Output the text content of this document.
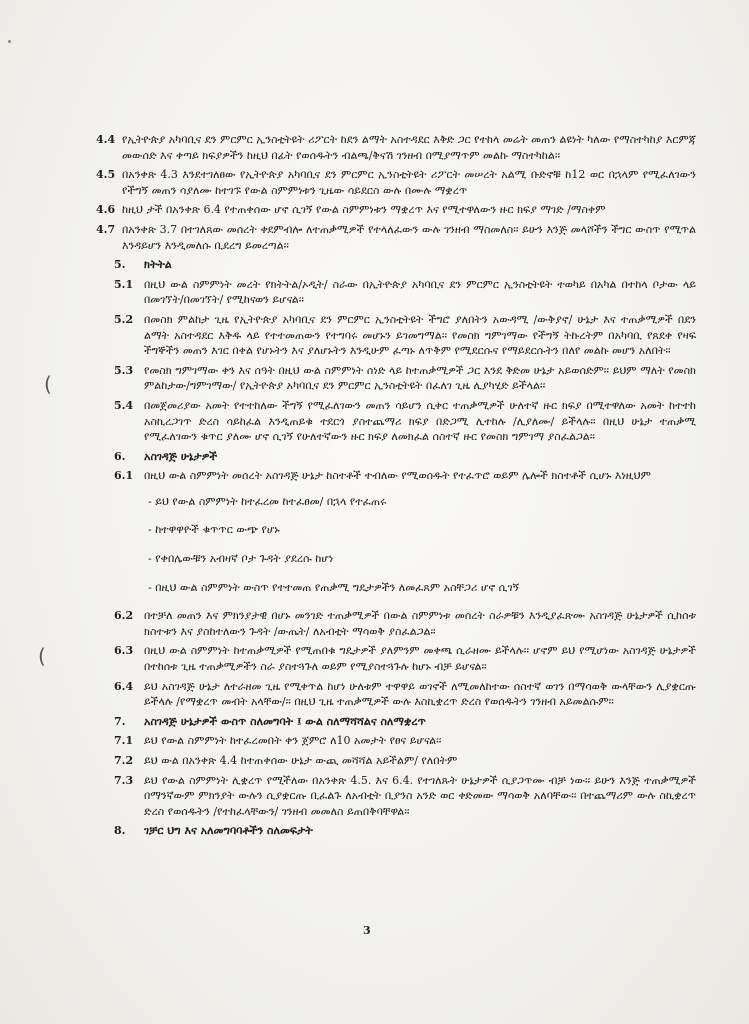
(
(
4.4 የኢትዮጵያ አካባቢና ደን ምርምር ኢንስቲትዩት ሪፖርት ከደን ልማት አስተዳደር እቅድ ጋር የተከላ መሬት መጠን ልዩነት ካለው የማስተካከያ እርምጃ መውሰድ እና ቀጣይ ክፍያዎችን ከዚህ በፊት የወሰዱትን ብልጫ/ቅናሽ ገንዘብ በሚያማጥም መልኩ ማስተካከል፡፡
4.5 በአንቀጽ 4.3 እንደተገለፀው የኢትዮጵያ አካባቢና ደን ምርምር ኢንስቲትዩት ሪፖርት መሠረት አልሚ ቡድኖቹ ከ12 ወር በኋላም የሚፈለገውን የችግኝ መጠን ሳያለሙ ከተገኙ የውል ስምምነቱን ጊዜው ሳይደርስ ውሉ በሙሉ ማቋረጥ
4.6 ከዚህ ታች በአንቀጽ 6.4 የተጠቀሰው ሆኖ ሲገኝ የውል ስምምነቱን ማቋረጥ እና የሚተዋለውን ዙር ክፍያ ማገድ /ማስቀም
4.7 በአንቀጽ 3.7 በተገለጸው መሰረት ቀደምብሎ ለተጠቃሚዎች የተላለፈውን ውሉ ገንዘብ ማስመለስ፡፡ ይሁን እንጅ መላሾችን ችግር ውስጥ የሚጥል እንዳይሆን እንዲመለሱ ቢደረግ ይመረጣል፡፡
5.	ክትትል
5.1 በዚህ ውል ስምምነት መረት የክትትል/ኦዲት/ ስራው በኢትዮጵያ አካባቢና ደን ምርምር ኢንስቲትዩት ተወካይ በአካል በተከላ ቦታው ላይ በመገኘት/በመገኘት/ የሚከናወን ይሆናል፡፡
5.2 በመስክ ምልከታ ጊዜ የኢትዮጵያ አካባቢና ደን ምርምር ኢንስቲትዩት ችግሮ ያለበትን አውዳሚ /ውቅያኖ/ ሁኔታ እና ተጠቃሚዎች በደን ልማት አስተዳደር እቅዱ ላይ የተተመጠውን የተግባሩ መሆኑን ይገመግማል፡፡ የመስክ ግምገማው የችግኝ ትኩረትም በአካባቢ የጸደቀ የዛፍ ችግኞችን መጠን እገር በቀል የሆኑትን እና ያለሆኑትን እንዲሁም ፈጣኑ ለጥቅም የሚደርሱና የማይደርሱትን በለየ መልኩ መሆን አለበት፡፡
5.3 የመስክ ግምገማው ቀን እና ሰዓት በዚህ ውል ስምምነት ሰነድ ላይ ከተጠቃሚዎች ጋር እንደ ቅድመ ሁኔታ አይወሰድም፡፡ ይህም ማለት የመስክ ምልከታው/ግምገማው/ የኢትዮጵያ አካባቢና ደን ምርምር ኢንስቲትዩት በፈለገ ጊዜ ሊያካሂድ ይችላል፡፡
5.4 በመጀመሪያው አመት የተተከለው ችግኝ የሚፈለገውን መጠን ሳይሆን ሲቀር ተጠቃሚዎች ሁለተኛ ዙር ክፍያ በሚተዋለው አመት ከተተከ አስኪረጋገጥ ድረስ ሳይከፈል እንዲጠይቁ ተደርጎ ያስተጨማሪ ክፍያ በድጋሚ ሊተከሉ /ሊያለሙ/ ይችላሉ፡፡ በዚህ ሁኔታ ተጠቃሚ የሚፈለገውን ቁጥር ያለሙ ሆኖ ሲገኝ የሁለተኛውን ዙር ክፍያ ለመክፈል ሰስተኛ ዙር የመስክ ግምገማ ያስፈልጋል፡፡
6.	አስገዳጅ ሁኔታዎች
6.1 በዚህ ውል ስምምነት መሰረት አስገዳጅ ሁኔታ ከስተቶች ተብለው የሚወሰዱት የተፈጥሮ ወይም ሌሎች ክስተቶች ሲሆኑ እነዚህም
- ይህ የውል ስምምነት ከተፈረመ ከተፈፀመ/ በኋላ የተፈጠሩ
- ከተዋዋዮች ቁጥጥር ውጭ የሆኑ
- የቀበሌውቹን አብዛኛ ቦታ ጉዳት ያደረሱ ከሆነ
- በዚህ ውል ስምምነት ውስጥ የተተመጠ የጠቃሚ ግዴታዎችን ለመፈጸም አስቸጋሪ ሆኖ ሲገኝ
6.2 በተቻለ መጠን እና ምክንያታዊ በሆኑ መንገድ ተጠቃሚዎች በውል ስምምነቱ መሰረት ስራዎቹን እንዲያፈጽሙ አስገዳጅ ሁኔታዎች ሲከሰቱ ክስተቱን እና ያስከተለውን ጉዳት /ውጤት/ ለአብቲት ማሳወቅ ያስፈልጋል፡፡
6.3 በዚህ ውል ስምምነት ከተጠቃሚዎች የሚጠበቁ ግዴታዎች ያለምንም መቀጫ ሲራዘሙ ይችላሉ፡፡ ሆኖም ይህ የሚሆነው አስገዳጅ ሁኔታዎች በተከሰቱ ጊዜ ተጠቃሚዎችን ስራ ያስተጓጉለ ወይም የሚያስተጓጉሉ ከሆኑ ብቻ ይሆናል፡፡
6.4 ይህ አስገዳጅ ሁኔታ ለተራዘመ ጊዜ የሚቀጥል ከሆነ ሁለቱም ተዋዋይ ወገኖች ለሚመለከተው ሰስተኛ ወገን በማሳወቅ ውላቸውን ሊያቋርጡ ይችላሉ /የማቋረጥ መብት አላቸው/፡፡ በዚህ ጊዜ ተጠቃሚዎች ውሉ እስኪቋረጥ ድረስ የወሰዱትን ገንዘብ አይመልሱም፡፡
7.	አስገዳጅ ሁኔታዎች ውስጥ ስለመግባት ፤ ውል ስለማሻሻልና ስለማቋረጥ
7.1 ይህ የውል ስምምነት ከተፈረመበት ቀን ጀምሮ ለ10 አመታት የፀና ይሆናል፡፡
7.2 ይህ ውል በአንቀጽ 4.4 ከተጠቀሰው ሁኔታ ውጪ መሻሻል አይችልም/ የለበትም
7.3 ይህ የውል ስምምነት ሊቋረጥ የሚችለው በአንቀጽ 4.5. እና 6.4. የተገለጹት ሁኔታዎች ሲያጋጥሙ ብቻ ነው፡፡ ይሁን እንጅ ተጠቃሚዎች በማንኛውም ምክንያት ውሉን ሲያቋርጡ ቢፈልጉ ለአብቲት ቢያንስ አንድ ወር ቀድመው ማሳወቅ አለባቸው፡፡ በተጨማሪም ውሉ ስኪቋረጥ ድረስ የወሰዱትን /የተከፈላቸውን/ ገንዘብ መመለስ ይጠበቅባቸዋል፡፡
8.	ገቻር ህግ እና አለመግባባቶችን ስለመፍታት
3
